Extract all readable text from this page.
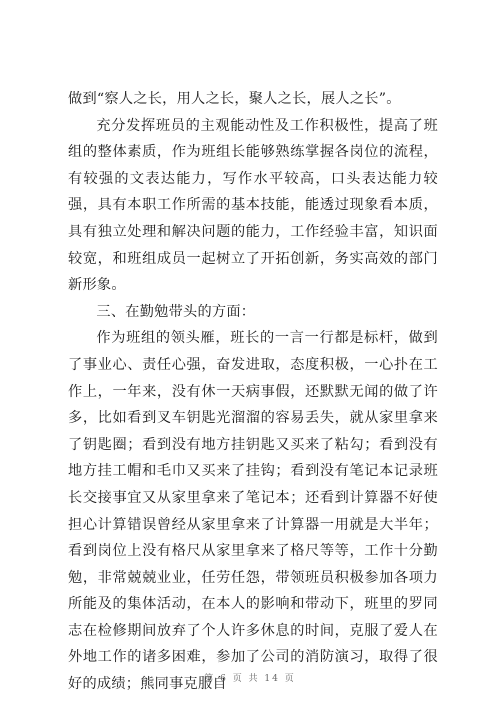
做到“察人之长，用人之长，聚人之长，展人之长”。

充分发挥班员的主观能动性及工作积极性，提高了班组的整体素质，作为班组长能够熟练掌握各岗位的流程，有较强的文表达能力，写作水平较高，口头表达能力较强，具有本职工作所需的基本技能，能透过现象看本质，具有独立处理和解决问题的能力，工作经验丰富，知识面较宽，和班组成员一起树立了开拓创新，务实高效的部门新形象。

三、在勤勉带头的方面：

作为班组的领头雁，班长的一言一行都是标杆，做到了事业心、责任心强，奋发进取，态度积极，一心扑在工作上，一年来，没有休一天病事假，还默默无闻的做了许多，比如看到叉车钥匙光溜溜的容易丢失，就从家里拿来了钥匙圈；看到没有地方挂钥匙又买来了粘勾；看到没有地方挂工帽和毛巾又买来了挂钩；看到没有笔记本记录班长交接事宜又从家里拿来了笔记本；还看到计算器不好使担心计算错误曾经从家里拿来了计算器一用就是大半年；看到岗位上没有格尺从家里拿来了格尺等等，工作十分勤勉，非常兢兢业业，任劳任怨，带领班员积极参加各项力所能及的集体活动，在本人的影响和带动下，班里的罗同志在检修期间放弃了个人许多休息的时间，克服了爱人在外地工作的诸多困难，参加了公司的消防演习，取得了很好的成绩；熊同事克服自

第 6 页 共 14 页
